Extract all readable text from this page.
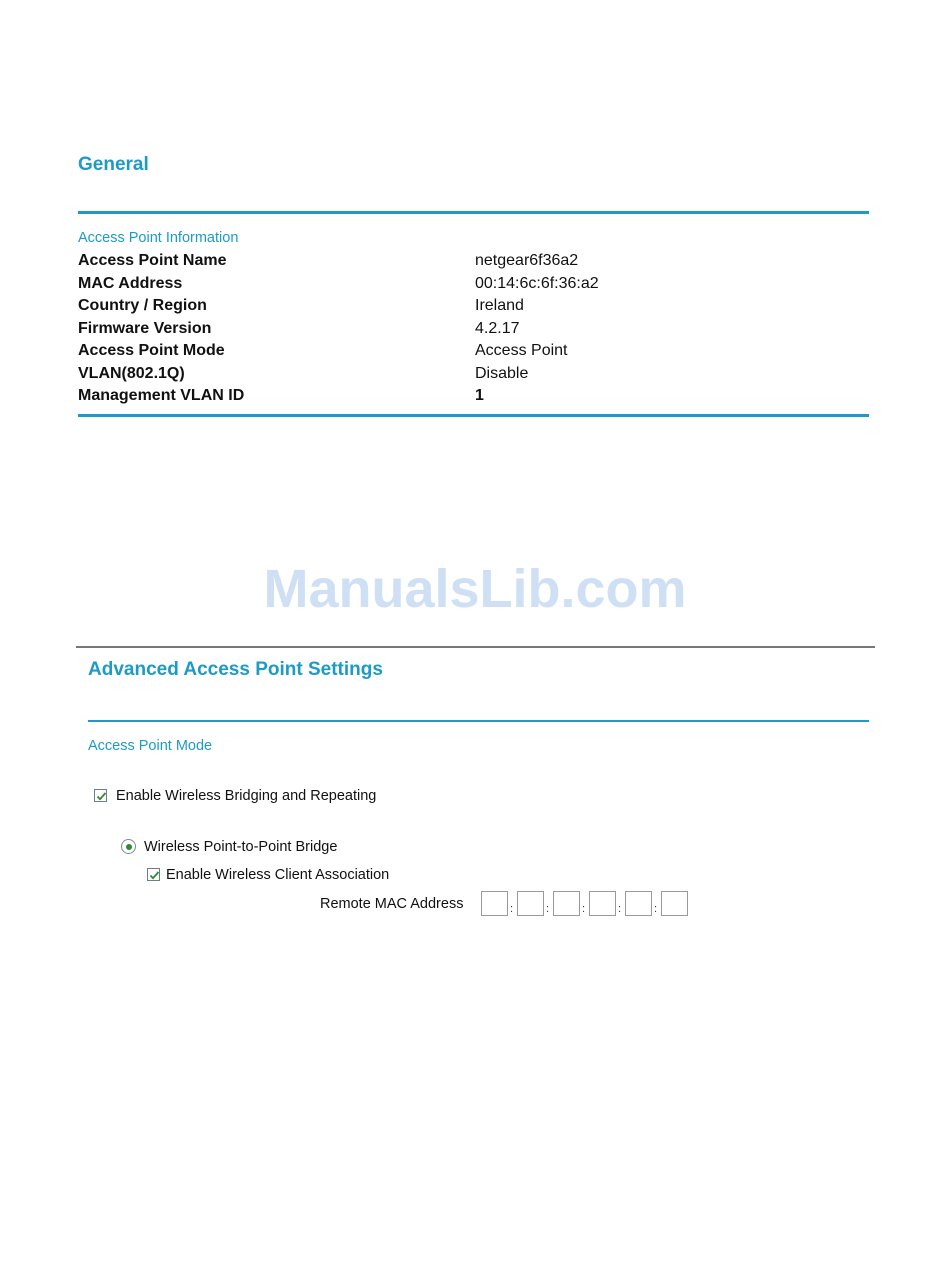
General
Access Point Information
Access Point Name	netgear6f36a2
MAC Address	00:14:6c:6f:36:a2
Country / Region	Ireland
Firmware Version	4.2.17
Access Point Mode	Access Point
VLAN(802.1Q)	Disable
Management VLAN ID	1
ManualsLib.com
Advanced Access Point Settings
Access Point Mode
Enable Wireless Bridging and Repeating
Wireless Point-to-Point Bridge
Enable Wireless Client Association
Remote MAC Address	:	:	:	:	:
